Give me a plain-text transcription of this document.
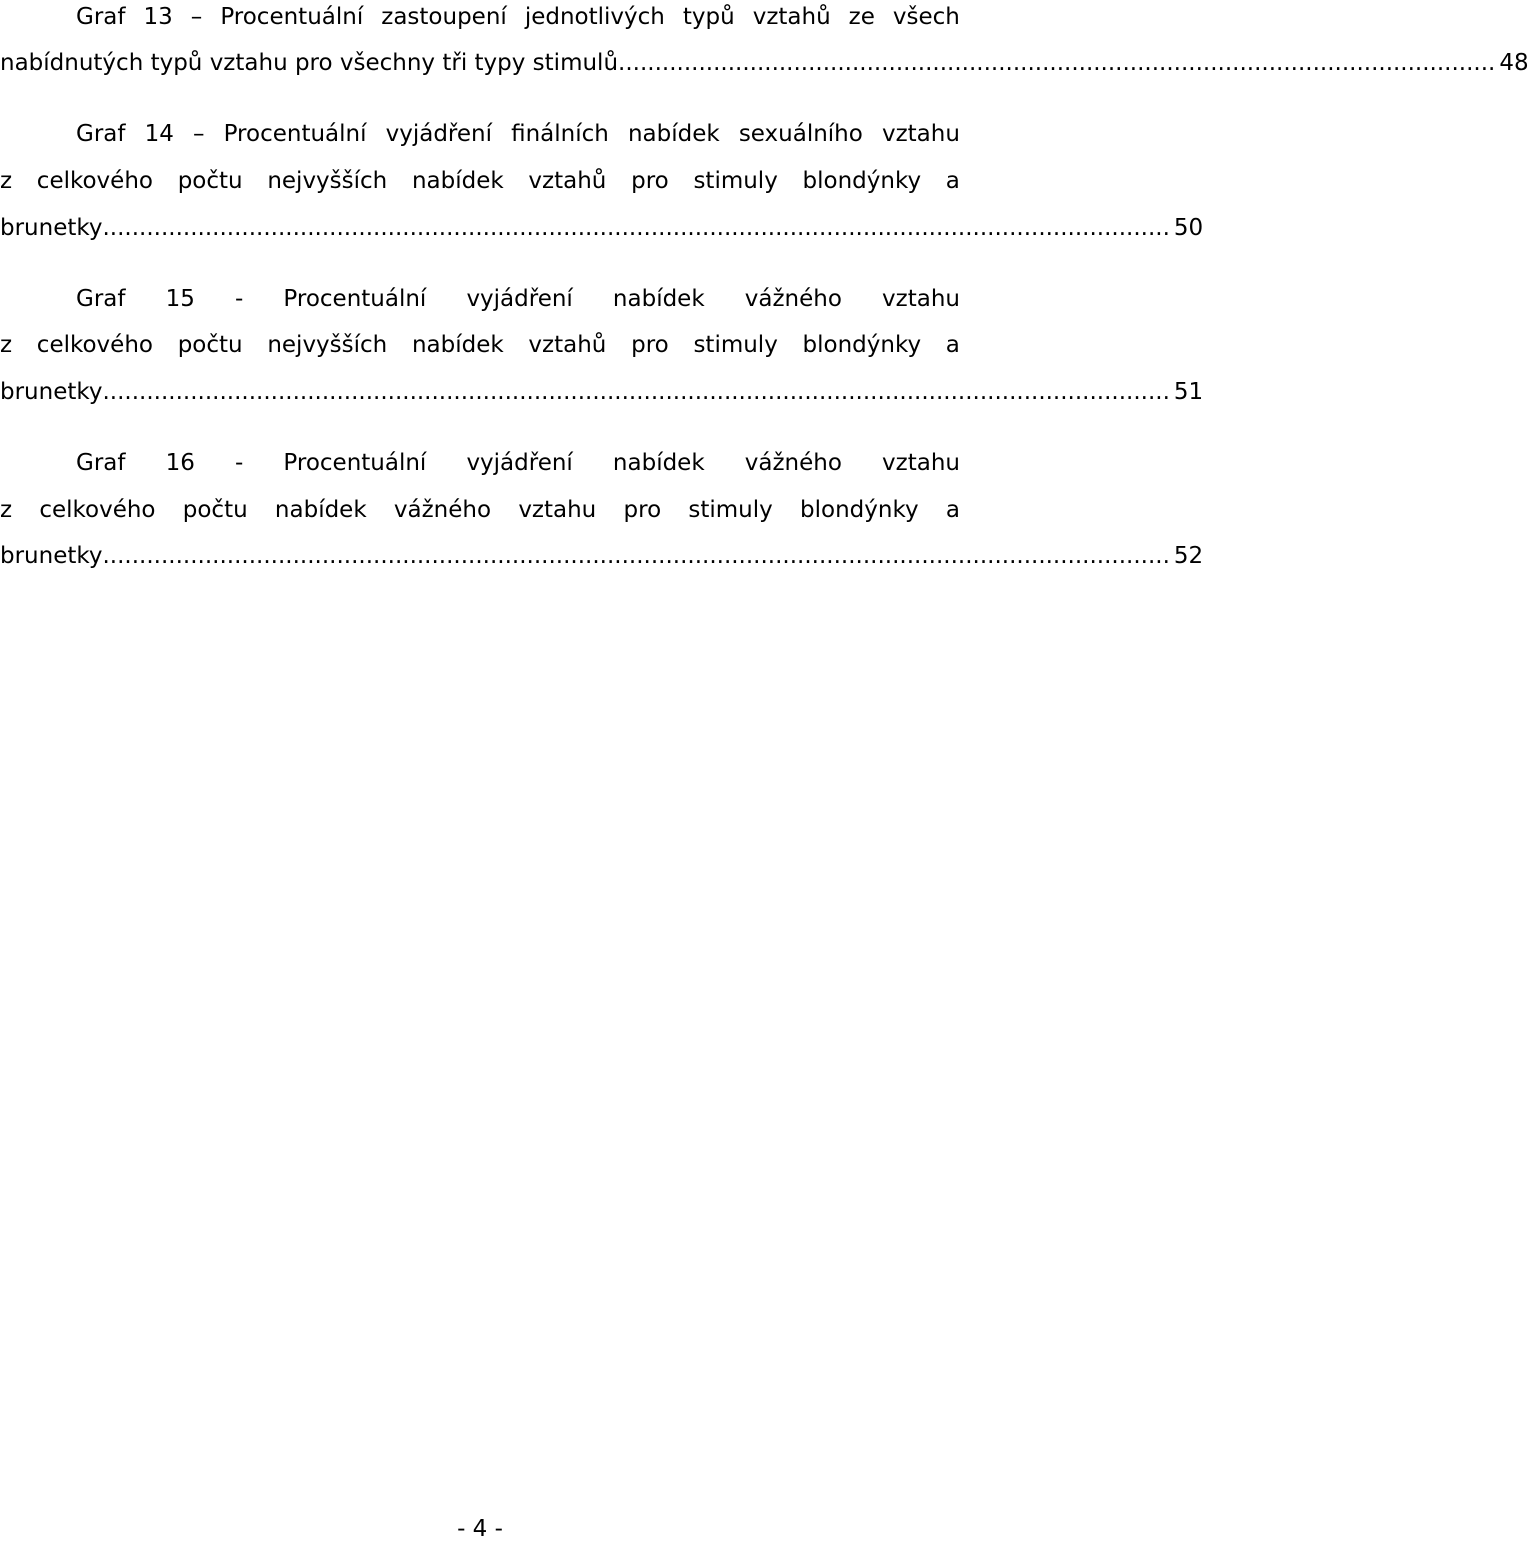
Graf 13 – Procentuální zastoupení jednotlivých typů vztahů ze všech
nabídnutých typů vztahu pro všechny tři typy stimulů ........................................................................................................................ 48
Graf 14 – Procentuální vyjádření finálních nabídek sexuálního vztahu
z celkového počtu nejvyšších nabídek vztahů pro stimuly blondýnky a
brunetky .................................................................................................................................................. 50
Graf 15 - Procentuální vyjádření nabídek vážného vztahu
z celkového počtu nejvyšších nabídek vztahů pro stimuly blondýnky a
brunetky .................................................................................................................................................. 51
Graf 16 - Procentuální vyjádření nabídek vážného vztahu
z celkového počtu nabídek vážného vztahu pro stimuly blondýnky a
brunetky .................................................................................................................................................. 52
- 4 -
